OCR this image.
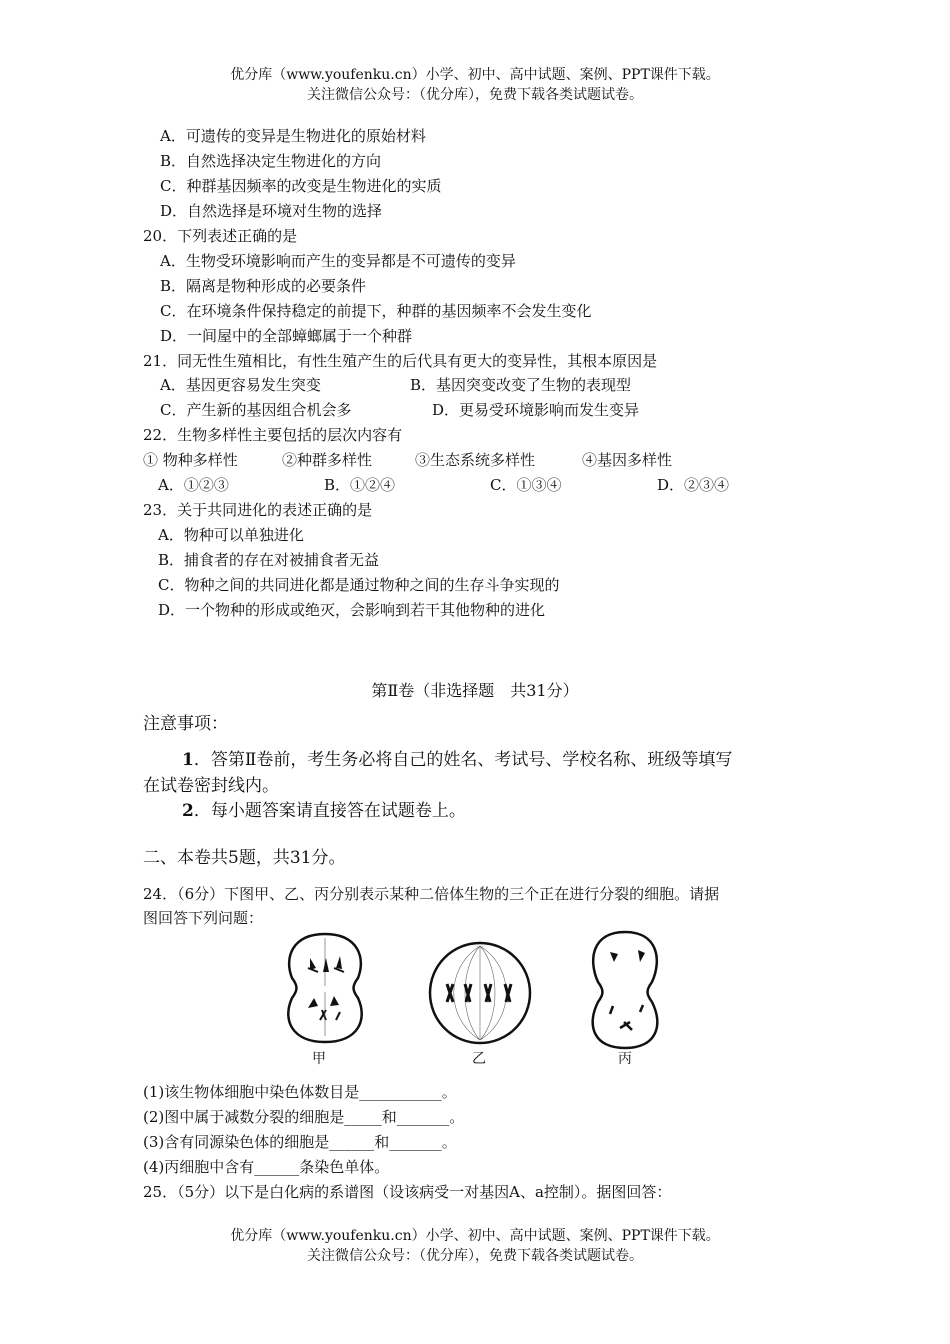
优分库（www.youfenku.cn）小学、初中、高中试题、案例、PPT课件下载。
关注微信公众号：（优分库），免费下载各类试题试卷。
A．可遗传的变异是生物进化的原始材料
B．自然选择决定生物进化的方向
C．种群基因频率的改变是生物进化的实质
D．自然选择是环境对生物的选择
20．下列表述正确的是
A．生物受环境影响而产生的变异都是不可遗传的变异
B．隔离是物种形成的必要条件
C．在环境条件保持稳定的前提下，种群的基因频率不会发生变化
D．一间屋中的全部蟑螂属于一个种群
21．同无性生殖相比，有性生殖产生的后代具有更大的变异性，其根本原因是
A．基因更容易发生突变	B．基因突变改变了生物的表现型
C．产生新的基因组合机会多	D．更易受环境影响而发生变异
22．生物多样性主要包括的层次内容有
① 物种多样性	②种群多样性	③生态系统多样性	④基因多样性
A．①②③	B．①②④	C．①③④	D．②③④
23．关于共同进化的表述正确的是
A．物种可以单独进化
B．捕食者的存在对被捕食者无益
C．物种之间的共同进化都是通过物种之间的生存斗争实现的
D．一个物种的形成或绝灭，会影响到若干其他物种的进化
第Ⅱ卷（非选择题　共31分）
注意事项：
1．答第Ⅱ卷前，考生务必将自己的姓名、考试号、学校名称、班级等填写
在试卷密封线内。
2．每小题答案请直接答在试题卷上。
二、本卷共5题，共31分。
24．（6分）下图甲、乙、丙分别表示某种二倍体生物的三个正在进行分裂的细胞。请据
图回答下列问题：
甲	乙	丙
(1)该生物体细胞中染色体数目是___________。
(2)图中属于减数分裂的细胞是_____和_______。
(3)含有同源染色体的细胞是______和_______。
(4)丙细胞中含有______条染色单体。
25．（5分）以下是白化病的系谱图（设该病受一对基因A、a控制）。据图回答：
优分库（www.youfenku.cn）小学、初中、高中试题、案例、PPT课件下载。
关注微信公众号：（优分库），免费下载各类试题试卷。
